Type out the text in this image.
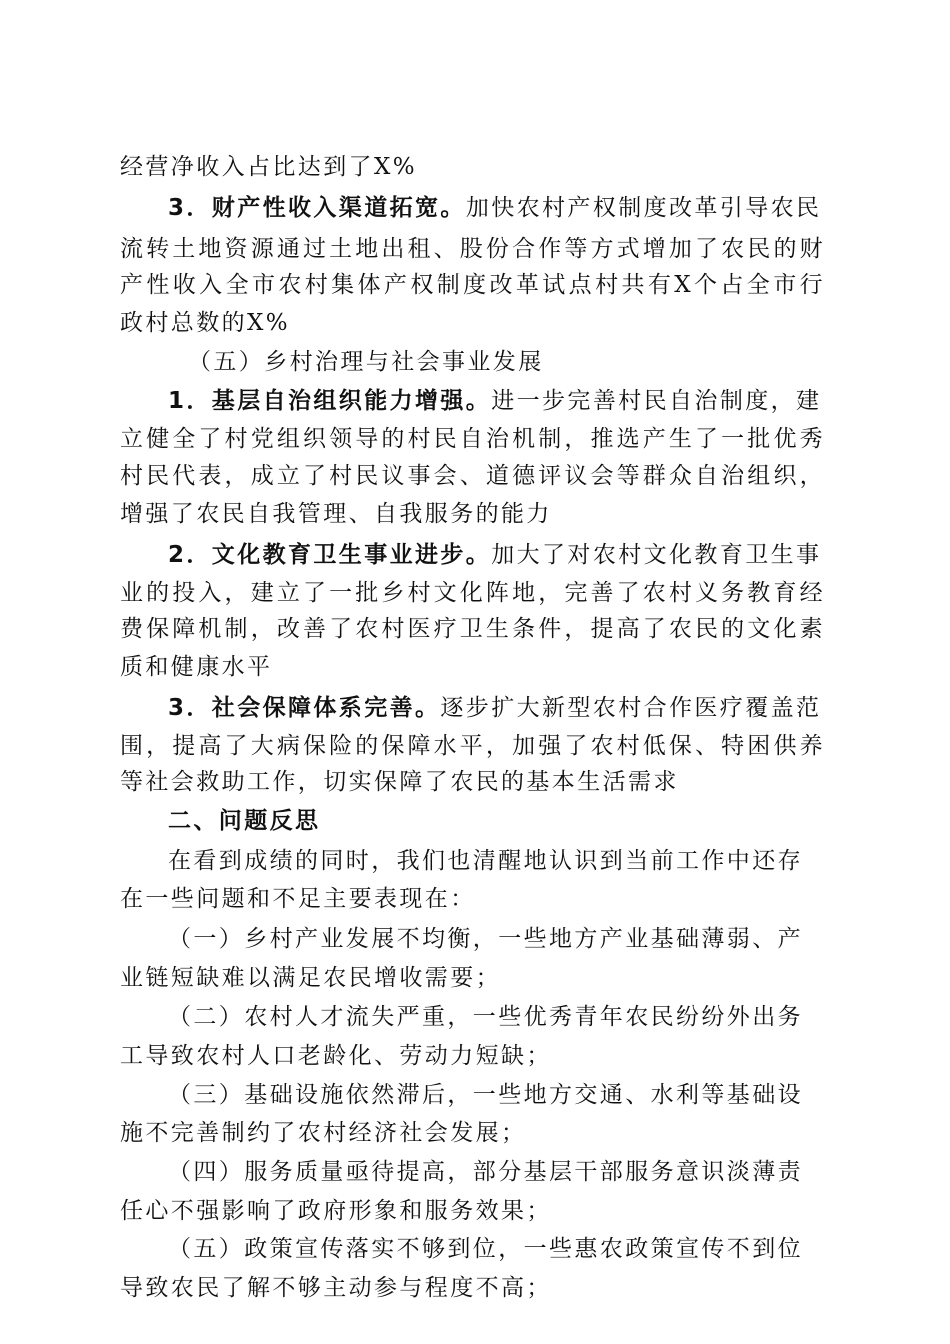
经营净收入占比达到了X%
3．财产性收入渠道拓宽。加快农村产权制度改革引导农民
流转土地资源通过土地出租、股份合作等方式增加了农民的财
产性收入全市农村集体产权制度改革试点村共有X个占全市行
政村总数的X%
（五）乡村治理与社会事业发展
1．基层自治组织能力增强。进一步完善村民自治制度，建
立健全了村党组织领导的村民自治机制，推选产生了一批优秀
村民代表，成立了村民议事会、道德评议会等群众自治组织，
增强了农民自我管理、自我服务的能力
2．文化教育卫生事业进步。加大了对农村文化教育卫生事
业的投入，建立了一批乡村文化阵地，完善了农村义务教育经
费保障机制，改善了农村医疗卫生条件，提高了农民的文化素
质和健康水平
3．社会保障体系完善。逐步扩大新型农村合作医疗覆盖范
围，提高了大病保险的保障水平，加强了农村低保、特困供养
等社会救助工作，切实保障了农民的基本生活需求
二、问题反思
在看到成绩的同时，我们也清醒地认识到当前工作中还存
在一些问题和不足主要表现在：
（一）乡村产业发展不均衡，一些地方产业基础薄弱、产
业链短缺难以满足农民增收需要；
（二）农村人才流失严重，一些优秀青年农民纷纷外出务
工导致农村人口老龄化、劳动力短缺；
（三）基础设施依然滞后，一些地方交通、水利等基础设
施不完善制约了农村经济社会发展；
（四）服务质量亟待提高，部分基层干部服务意识淡薄责
任心不强影响了政府形象和服务效果；
（五）政策宣传落实不够到位，一些惠农政策宣传不到位
导致农民了解不够主动参与程度不高；
